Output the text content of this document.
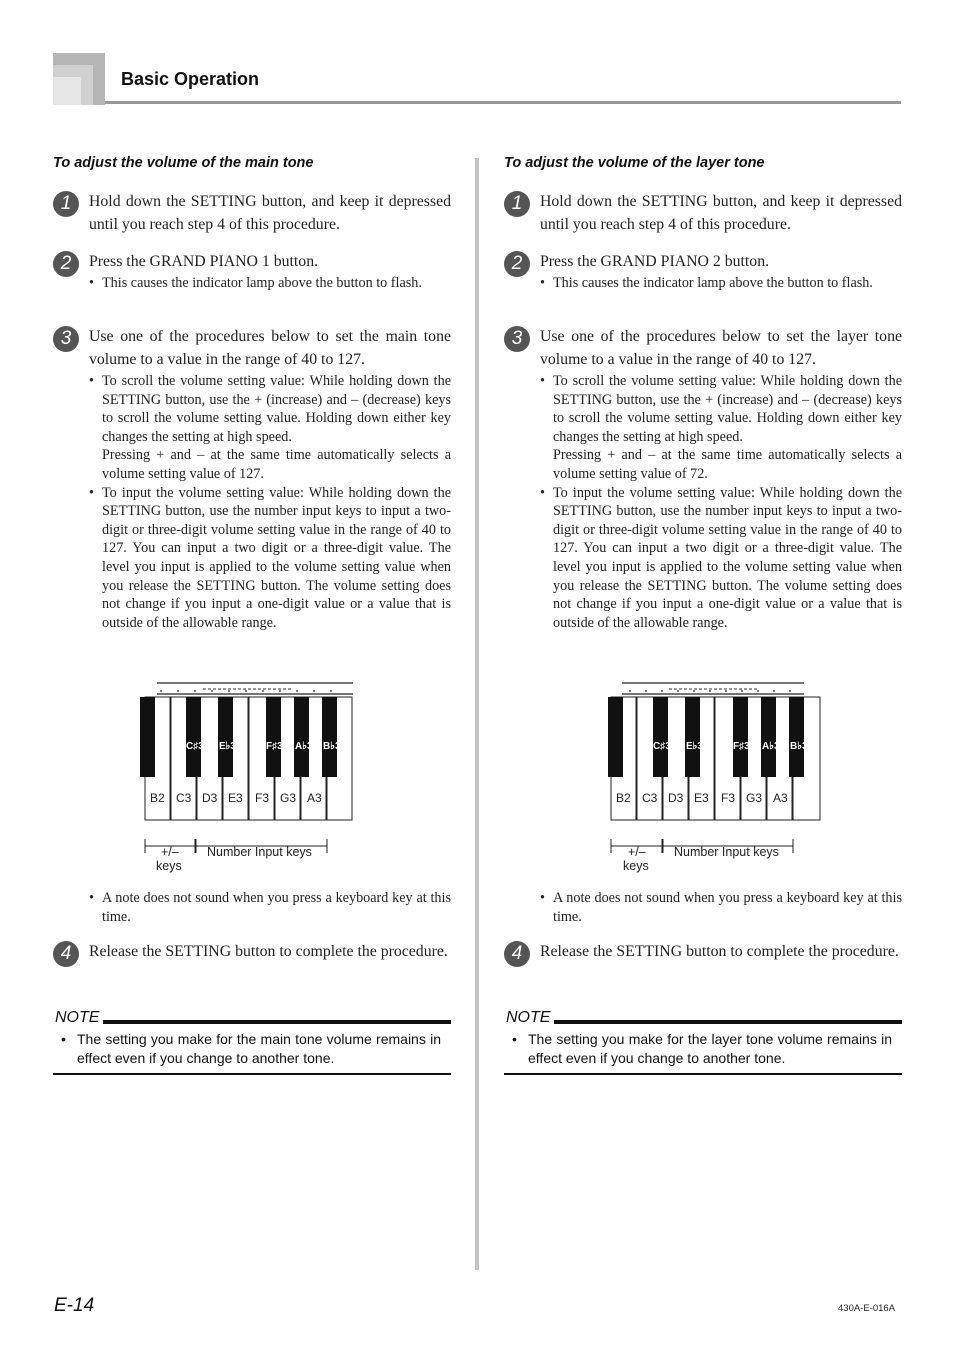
Basic Operation
To adjust the volume of the main tone
1	Hold down the SETTING button, and keep it depressed until you reach step 4 of this procedure.
2	Press the GRAND PIANO 1 button.
• This causes the indicator lamp above the button to flash.
3	Use one of the procedures below to set the main tone volume to a value in the range of 40 to 127.
• To scroll the volume setting value: While holding down the SETTING button, use the + (increase) and – (decrease) keys to scroll the volume setting value. Holding down either key changes the setting at high speed.
Pressing + and – at the same time automatically selects a volume setting value of 127.
• To input the volume setting value: While holding down the SETTING button, use the number input keys to input a two-digit or three-digit volume setting value in the range of 40 to 127. You can input a two digit or a three-digit value. The level you input is applied to the volume setting value when you release the SETTING button. The volume setting does not change if you input a one-digit value or a value that is outside of the allowable range.
C♯3 E♭3	F♯3 A♭3 B♭3
B2 C3 D3 E3 F3 G3 A3
+/–
keys
Number Input keys
• A note does not sound when you press a keyboard key at this time.
4	Release the SETTING button to complete the procedure.
NOTE
• The setting you make for the main tone volume remains in effect even if you change to another tone.
To adjust the volume of the layer tone
1	Hold down the SETTING button, and keep it depressed until you reach step 4 of this procedure.
2	Press the GRAND PIANO 2 button.
• This causes the indicator lamp above the button to flash.
3	Use one of the procedures below to set the layer tone volume to a value in the range of 40 to 127.
• To scroll the volume setting value: While holding down the SETTING button, use the + (increase) and – (decrease) keys to scroll the volume setting value. Holding down either key changes the setting at high speed.
Pressing + and – at the same time automatically selects a volume setting value of 72.
• To input the volume setting value: While holding down the SETTING button, use the number input keys to input a two-digit or three-digit volume setting value in the range of 40 to 127. You can input a two digit or a three-digit value. The level you input is applied to the volume setting value when you release the SETTING button. The volume setting does not change if you input a one-digit value or a value that is outside of the allowable range.
C♯3 E♭3	F♯3 A♭3 B♭3
B2 C3 D3 E3 F3 G3 A3
+/–
keys
Number Input keys
• A note does not sound when you press a keyboard key at this time.
4	Release the SETTING button to complete the procedure.
NOTE
• The setting you make for the layer tone volume remains in effect even if you change to another tone.
E-14	430A-E-016A
